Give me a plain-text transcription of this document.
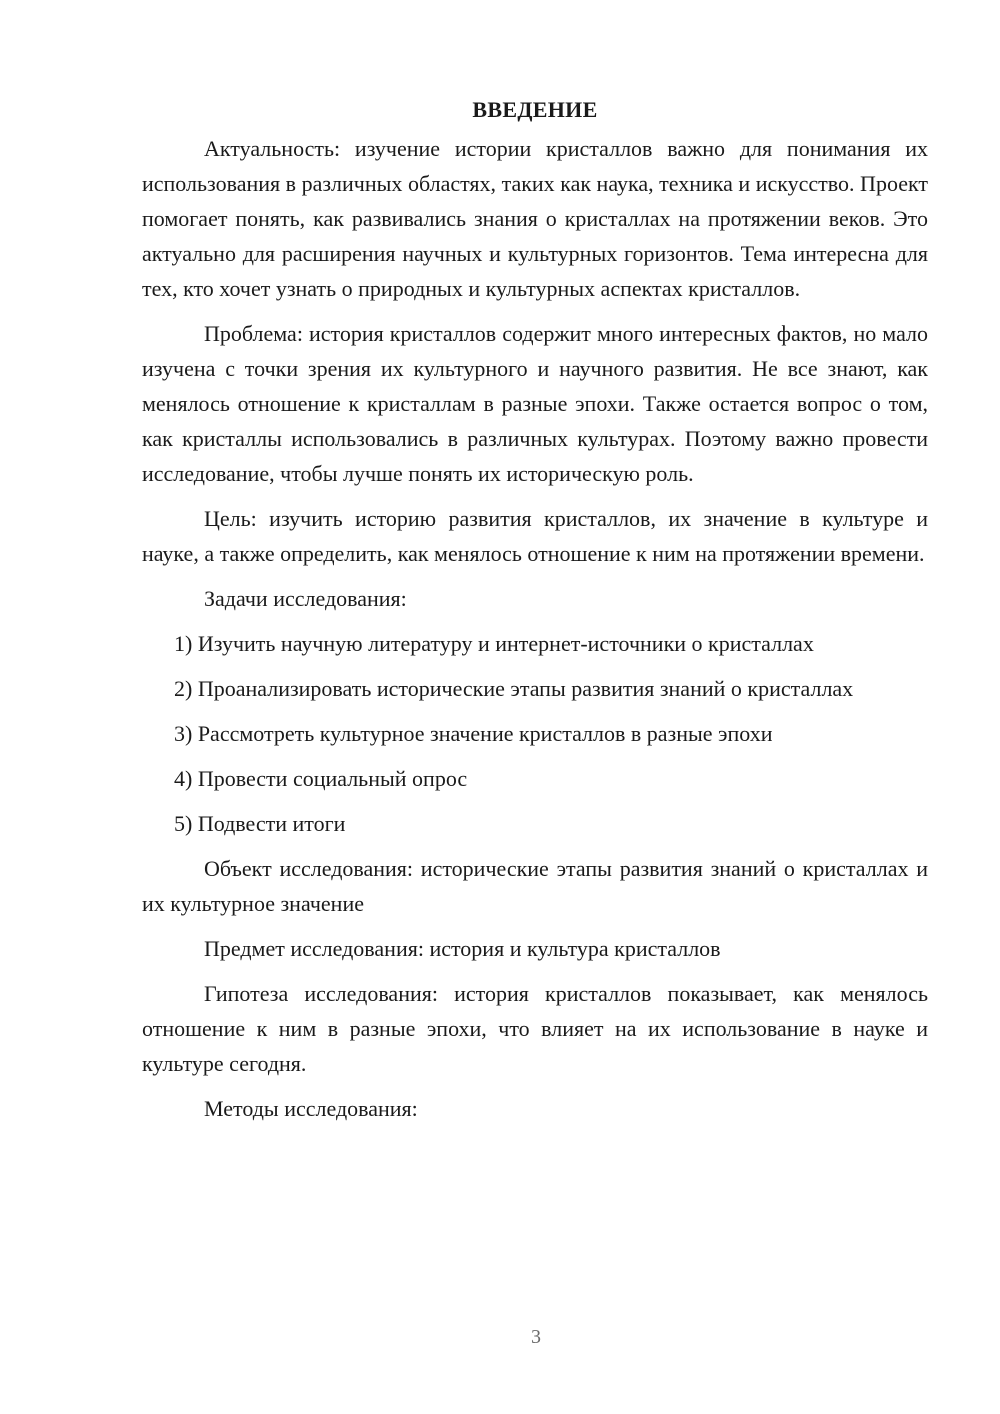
ВВЕДЕНИЕ

Актуальность: изучение истории кристаллов важно для понимания их использования в различных областях, таких как наука, техника и искусство. Проект помогает понять, как развивались знания о кристаллах на протяжении веков. Это актуально для расширения научных и культурных горизонтов. Тема интересна для тех, кто хочет узнать о природных и культурных аспектах кристаллов.

Проблема: история кристаллов содержит много интересных фактов, но мало изучена с точки зрения их культурного и научного развития. Не все знают, как менялось отношение к кристаллам в разные эпохи. Также остается вопрос о том, как кристаллы использовались в различных культурах. Поэтому важно провести исследование, чтобы лучше понять их историческую роль.

Цель: изучить историю развития кристаллов, их значение в культуре и науке, а также определить, как менялось отношение к ним на протяжении времени.

Задачи исследования:

1) Изучить научную литературу и интернет-источники о кристаллах

2) Проанализировать исторические этапы развития знаний о кристаллах

3) Рассмотреть культурное значение кристаллов в разные эпохи

4) Провести социальный опрос

5) Подвести итоги

Объект исследования: исторические этапы развития знаний о кристаллах и их культурное значение

Предмет исследования: история и культура кристаллов

Гипотеза исследования: история кристаллов показывает, как менялось отношение к ним в разные эпохи, что влияет на их использование в науке и культуре сегодня.

Методы исследования:

3
